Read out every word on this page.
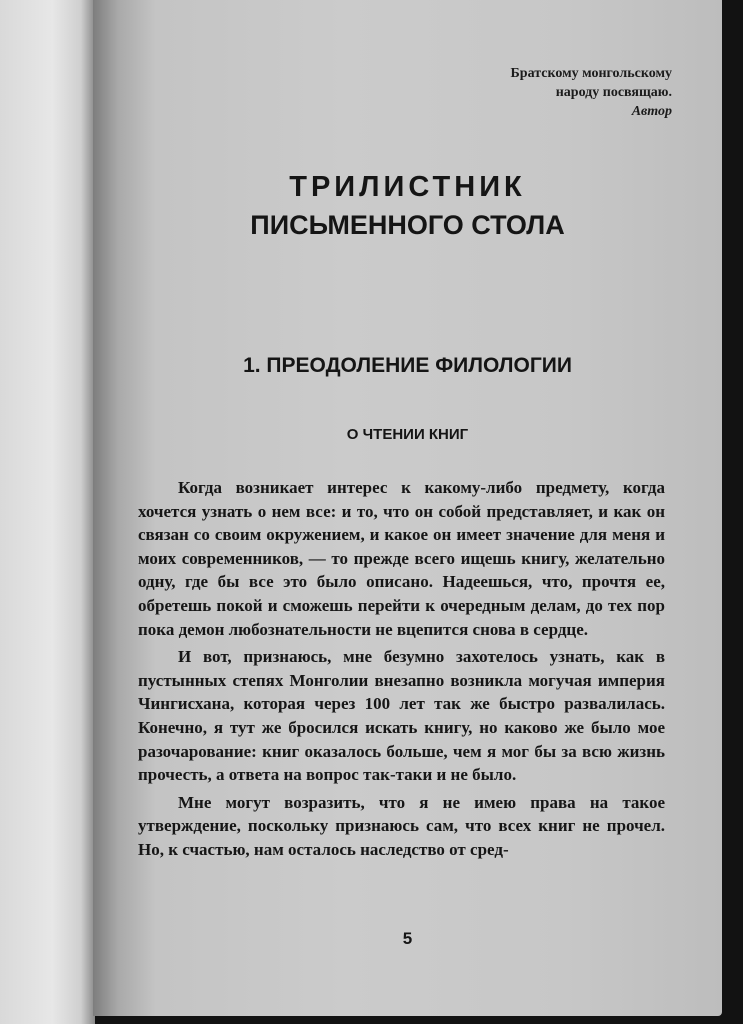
Братскому монгольскому
народу посвящаю.
Автор
ТРИЛИСТНИК
ПИСЬМЕННОГО СТОЛА
1. ПРЕОДОЛЕНИЕ ФИЛОЛОГИИ
О ЧТЕНИИ КНИГ

Когда возникает интерес к какому-либо предмету, когда хочется узнать о нем все: и то, что он собой представляет, и как он связан со своим окружением, и какое он имеет значение для меня и моих современников, — то прежде всего ищешь книгу, желательно одну, где бы все это было описано. Надеешься, что, прочтя ее, обретешь покой и сможешь перейти к очередным делам, до тех пор пока демон любознательности не вцепится снова в сердце.

И вот, признаюсь, мне безумно захотелось узнать, как в пустынных степях Монголии внезапно возникла могучая империя Чингисхана, которая через 100 лет так же быстро развалилась. Конечно, я тут же бросился искать книгу, но каково же было мое разочарование: книг оказалось больше, чем я мог бы за всю жизнь прочесть, а ответа на вопрос так-таки и не было.

Мне могут возразить, что я не имею права на такое утверждение, поскольку признаюсь сам, что всех книг не прочел. Но, к счастью, нам осталось наследство от сред-

5
